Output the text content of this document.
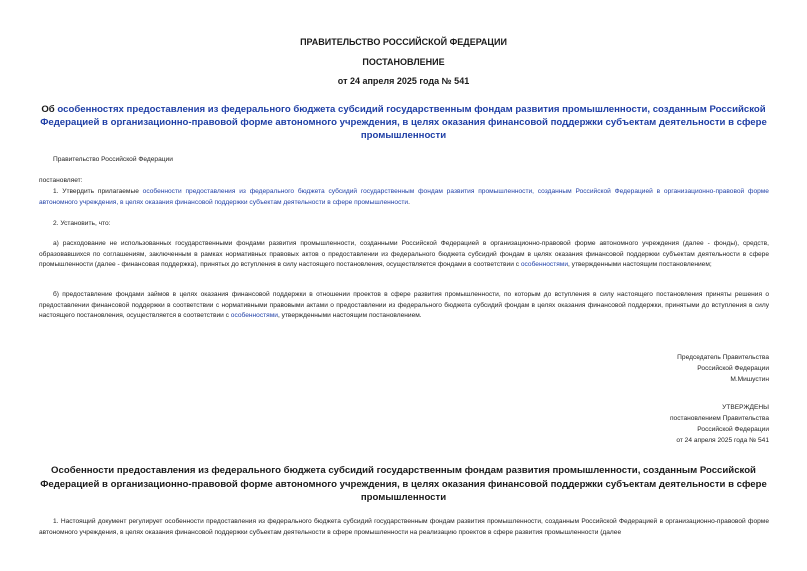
ПРАВИТЕЛЬСТВО РОССИЙСКОЙ ФЕДЕРАЦИИ
ПОСТАНОВЛЕНИЕ
от 24 апреля 2025 года № 541
Об особенностях предоставления из федерального бюджета субсидий государственным фондам развития промышленности, созданным Российской Федерацией в организационно-правовой форме автономного учреждения, в целях оказания финансовой поддержки субъектам деятельности в сфере промышленности
Правительство Российской Федерации
постановляет:
1. Утвердить прилагаемые особенности предоставления из федерального бюджета субсидий государственным фондам развития промышленности, созданным Российской Федерацией в организационно-правовой форме автономного учреждения, в целях оказания финансовой поддержки субъектам деятельности в сфере промышленности.
2. Установить, что:
а) расходование не использованных государственными фондами развития промышленности, созданными Российской Федерацией в организационно-правовой форме автономного учреждения (далее - фонды), средств, образовавшихся по соглашениям, заключенным в рамках нормативных правовых актов о предоставлении из федерального бюджета субсидий фондам в целях оказания финансовой поддержки субъектам деятельности в сфере промышленности (далее - финансовая поддержка), принятых до вступления в силу настоящего постановления, осуществляется фондами в соответствии с особенностями, утвержденными настоящим постановлением;
б) предоставление фондами займов в целях оказания финансовой поддержки в отношении проектов в сфере развития промышленности, по которым до вступления в силу настоящего постановления приняты решения о предоставлении финансовой поддержки в соответствии с нормативными правовыми актами о предоставлении из федерального бюджета субсидий фондам в целях оказания финансовой поддержки, принятыми до вступления в силу настоящего постановления, осуществляется в соответствии с особенностями, утвержденными настоящим постановлением.
Председатель Правительства
Российской Федерации
М.Мишустин
УТВЕРЖДЕНЫ
постановлением Правительства
Российской Федерации
от 24 апреля 2025 года № 541
Особенности предоставления из федерального бюджета субсидий государственным фондам развития промышленности, созданным Российской Федерацией в организационно-правовой форме автономного учреждения, в целях оказания финансовой поддержки субъектам деятельности в сфере промышленности
1. Настоящий документ регулирует особенности предоставления из федерального бюджета субсидий государственным фондам развития промышленности, созданным Российской Федерацией в организационно-правовой форме автономного учреждения, в целях оказания финансовой поддержки субъектам деятельности в сфере промышленности на реализацию проектов в сфере развития промышленности (далее
